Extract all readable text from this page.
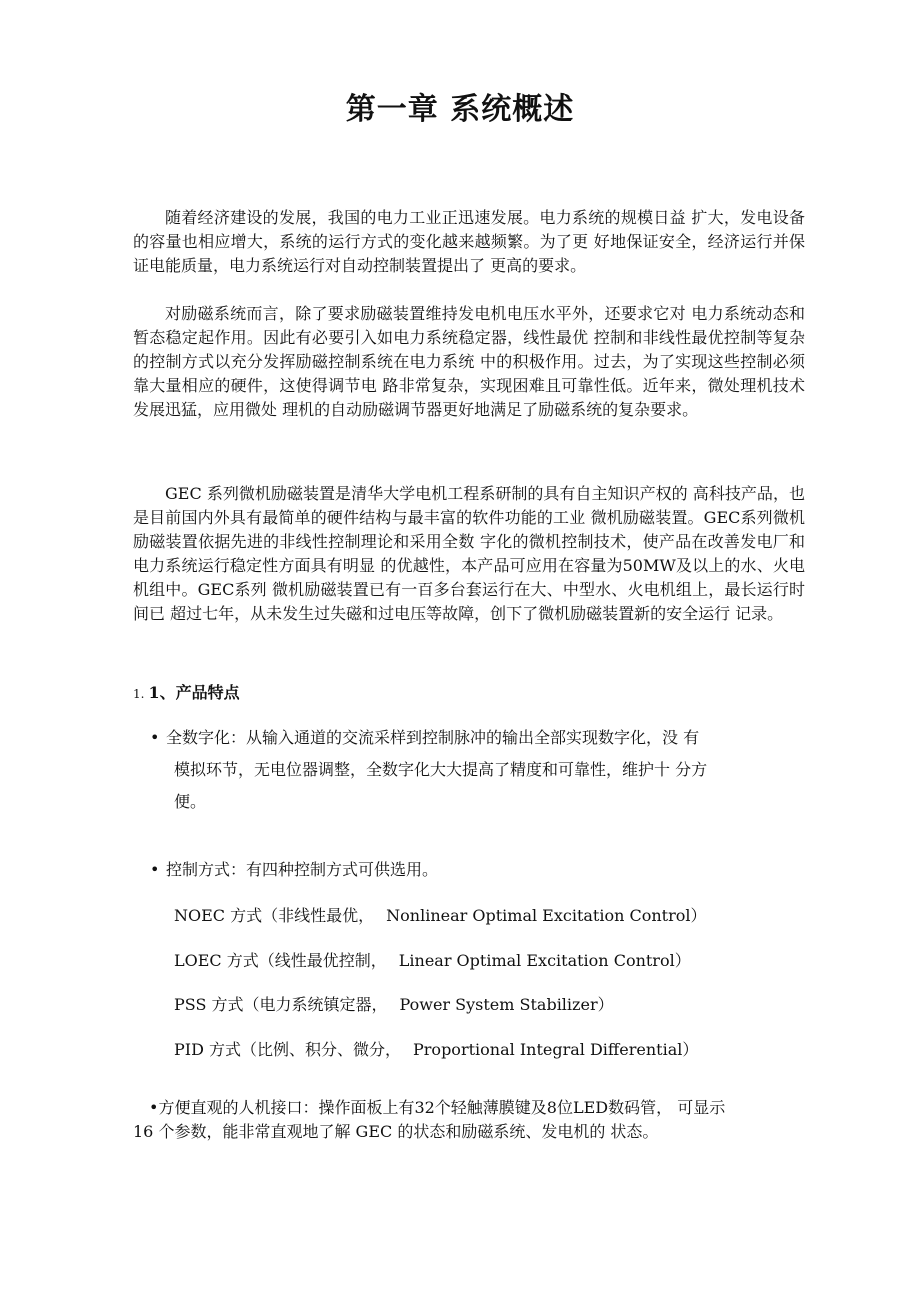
第一章 系统概述

随着经济建设的发展，我国的电力工业正迅速发展。电力系统的规模日益 扩大，发电设备的容量也相应增大，系统的运行方式的变化越来越频繁。为了更 好地保证安全，经济运行并保证电能质量，电力系统运行对自动控制装置提出了 更高的要求。

对励磁系统而言，除了要求励磁装置维持发电机电压水平外，还要求它对 电力系统动态和暂态稳定起作用。因此有必要引入如电力系统稳定器，线性最优 控制和非线性最优控制等复杂的控制方式以充分发挥励磁控制系统在电力系统 中的积极作用。过去，为了实现这些控制必须靠大量相应的硬件，这使得调节电 路非常复杂，实现困难且可靠性低。近年来，微处理机技术发展迅猛，应用微处 理机的自动励磁调节器更好地满足了励磁系统的复杂要求。

GEC 系列微机励磁装置是清华大学电机工程系研制的具有自主知识产权的 高科技产品，也是目前国内外具有最简单的硬件结构与最丰富的软件功能的工业 微机励磁装置。GEC系列微机励磁装置依据先进的非线性控制理论和采用全数 字化的微机控制技术，使产品在改善发电厂和电力系统运行稳定性方面具有明显 的优越性，本产品可应用在容量为50MW及以上的水、火电机组中。GEC系列 微机励磁装置已有一百多台套运行在大、中型水、火电机组上，最长运行时间已 超过七年，从未发生过失磁和过电压等故障，创下了微机励磁装置新的安全运行 记录。

1. 1、产品特点
• 全数字化：从输入通道的交流采样到控制脉冲的输出全部实现数字化，没 有
模拟环节，无电位器调整，全数字化大大提高了精度和可靠性，维护十 分方
便。
• 控制方式：有四种控制方式可供选用。
NOEC 方式（非线性最优， Nonlinear Optimal Excitation Control）
LOEC 方式（线性最优控制， Linear Optimal Excitation Control）
PSS 方式（电力系统镇定器， Power System Stabilizer）
PID 方式（比例、积分、微分， Proportional Integral Differential）
•方便直观的人机接口：操作面板上有32个轻触薄膜键及8位LED数码管， 可显示
16 个参数，能非常直观地了解 GEC 的状态和励磁系统、发电机的 状态。
